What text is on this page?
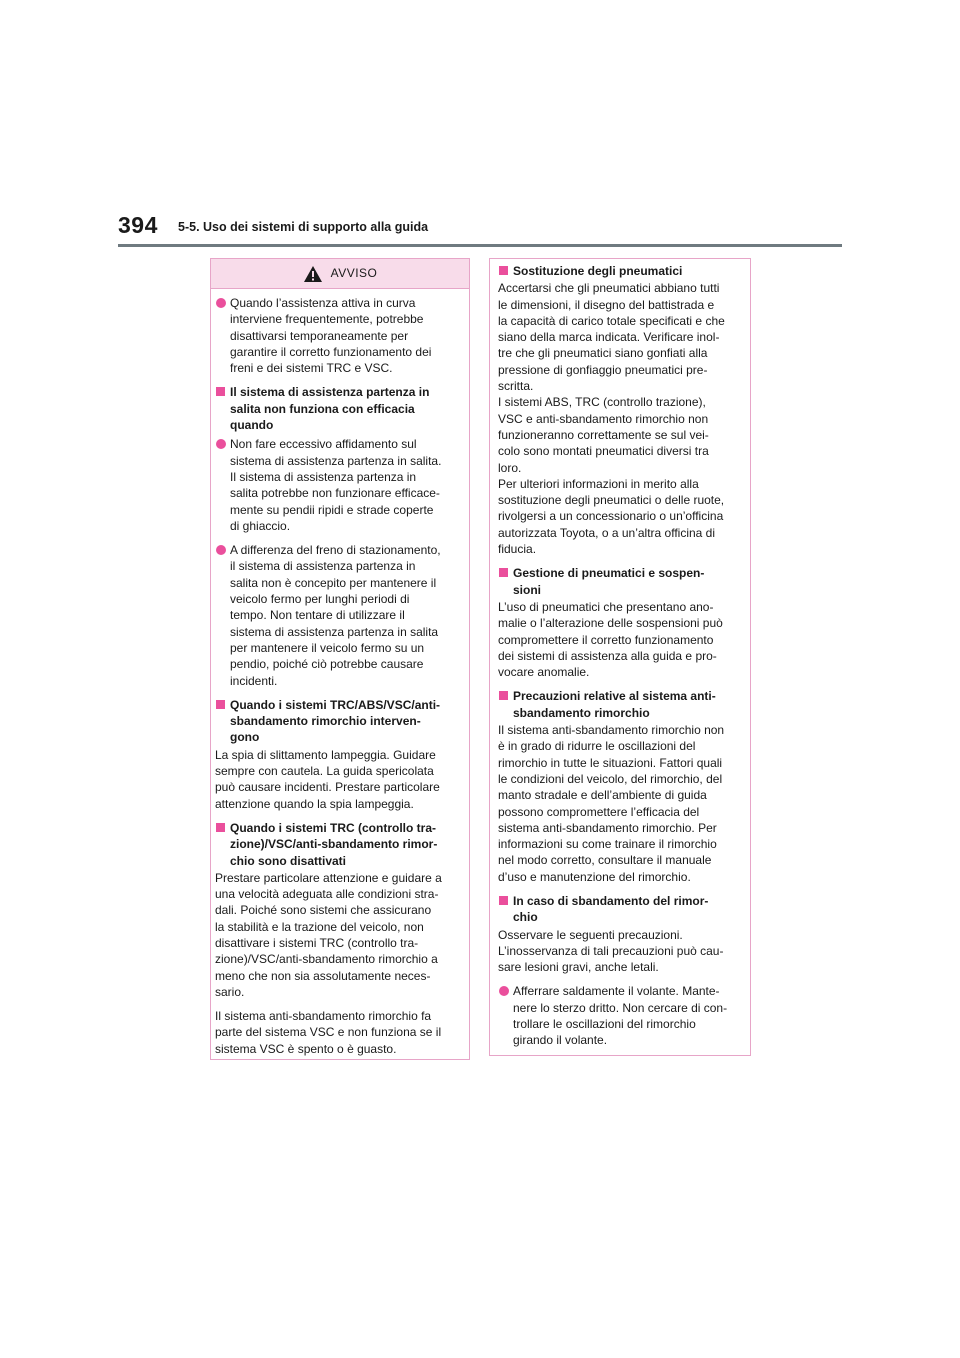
394 5-5. Uso dei sistemi di supporto alla guida
AVVISO
Quando l’assistenza attiva in curva
interviene frequentemente, potrebbe
disattivarsi temporaneamente per
garantire il corretto funzionamento dei
freni e dei sistemi TRC e VSC.
Il sistema di assistenza partenza in
salita non funziona con efficacia
quando
Non fare eccessivo affidamento sul
sistema di assistenza partenza in salita.
Il sistema di assistenza partenza in
salita potrebbe non funzionare efficace-
mente su pendii ripidi e strade coperte
di ghiaccio.
A differenza del freno di stazionamento,
il sistema di assistenza partenza in
salita non è concepito per mantenere il
veicolo fermo per lunghi periodi di
tempo. Non tentare di utilizzare il
sistema di assistenza partenza in salita
per mantenere il veicolo fermo su un
pendio, poiché ciò potrebbe causare
incidenti.
Quando i sistemi TRC/ABS/VSC/anti-
sbandamento rimorchio interven-
gono
La spia di slittamento lampeggia. Guidare
sempre con cautela. La guida spericolata
può causare incidenti. Prestare particolare
attenzione quando la spia lampeggia.
Quando i sistemi TRC (controllo tra-
zione)/VSC/anti-sbandamento rimor-
chio sono disattivati
Prestare particolare attenzione e guidare a
una velocità adeguata alle condizioni stra-
dali. Poiché sono sistemi che assicurano
la stabilità e la trazione del veicolo, non
disattivare i sistemi TRC (controllo tra-
zione)/VSC/anti-sbandamento rimorchio a
meno che non sia assolutamente neces-
sario.
Il sistema anti-sbandamento rimorchio fa
parte del sistema VSC e non funziona se il
sistema VSC è spento o è guasto.
Sostituzione degli pneumatici
Accertarsi che gli pneumatici abbiano tutti
le dimensioni, il disegno del battistrada e
la capacità di carico totale specificati e che
siano della marca indicata. Verificare inol-
tre che gli pneumatici siano gonfiati alla
pressione di gonfiaggio pneumatici pre-
scritta.
I sistemi ABS, TRC (controllo trazione),
VSC e anti-sbandamento rimorchio non
funzioneranno correttamente se sul vei-
colo sono montati pneumatici diversi tra
loro.
Per ulteriori informazioni in merito alla
sostituzione degli pneumatici o delle ruote,
rivolgersi a un concessionario o un’officina
autorizzata Toyota, o a un’altra officina di
fiducia.
Gestione di pneumatici e sospen-
sioni
L’uso di pneumatici che presentano ano-
malie o l’alterazione delle sospensioni può
compromettere il corretto funzionamento
dei sistemi di assistenza alla guida e pro-
vocare anomalie.
Precauzioni relative al sistema anti-
sbandamento rimorchio
Il sistema anti-sbandamento rimorchio non
è in grado di ridurre le oscillazioni del
rimorchio in tutte le situazioni. Fattori quali
le condizioni del veicolo, del rimorchio, del
manto stradale e dell’ambiente di guida
possono compromettere l’efficacia del
sistema anti-sbandamento rimorchio. Per
informazioni su come trainare il rimorchio
nel modo corretto, consultare il manuale
d’uso e manutenzione del rimorchio.
In caso di sbandamento del rimor-
chio
Osservare le seguenti precauzioni.
L’inosservanza di tali precauzioni può cau-
sare lesioni gravi, anche letali.
Afferrare saldamente il volante. Mante-
nere lo sterzo dritto. Non cercare di con-
trollare le oscillazioni del rimorchio
girando il volante.
